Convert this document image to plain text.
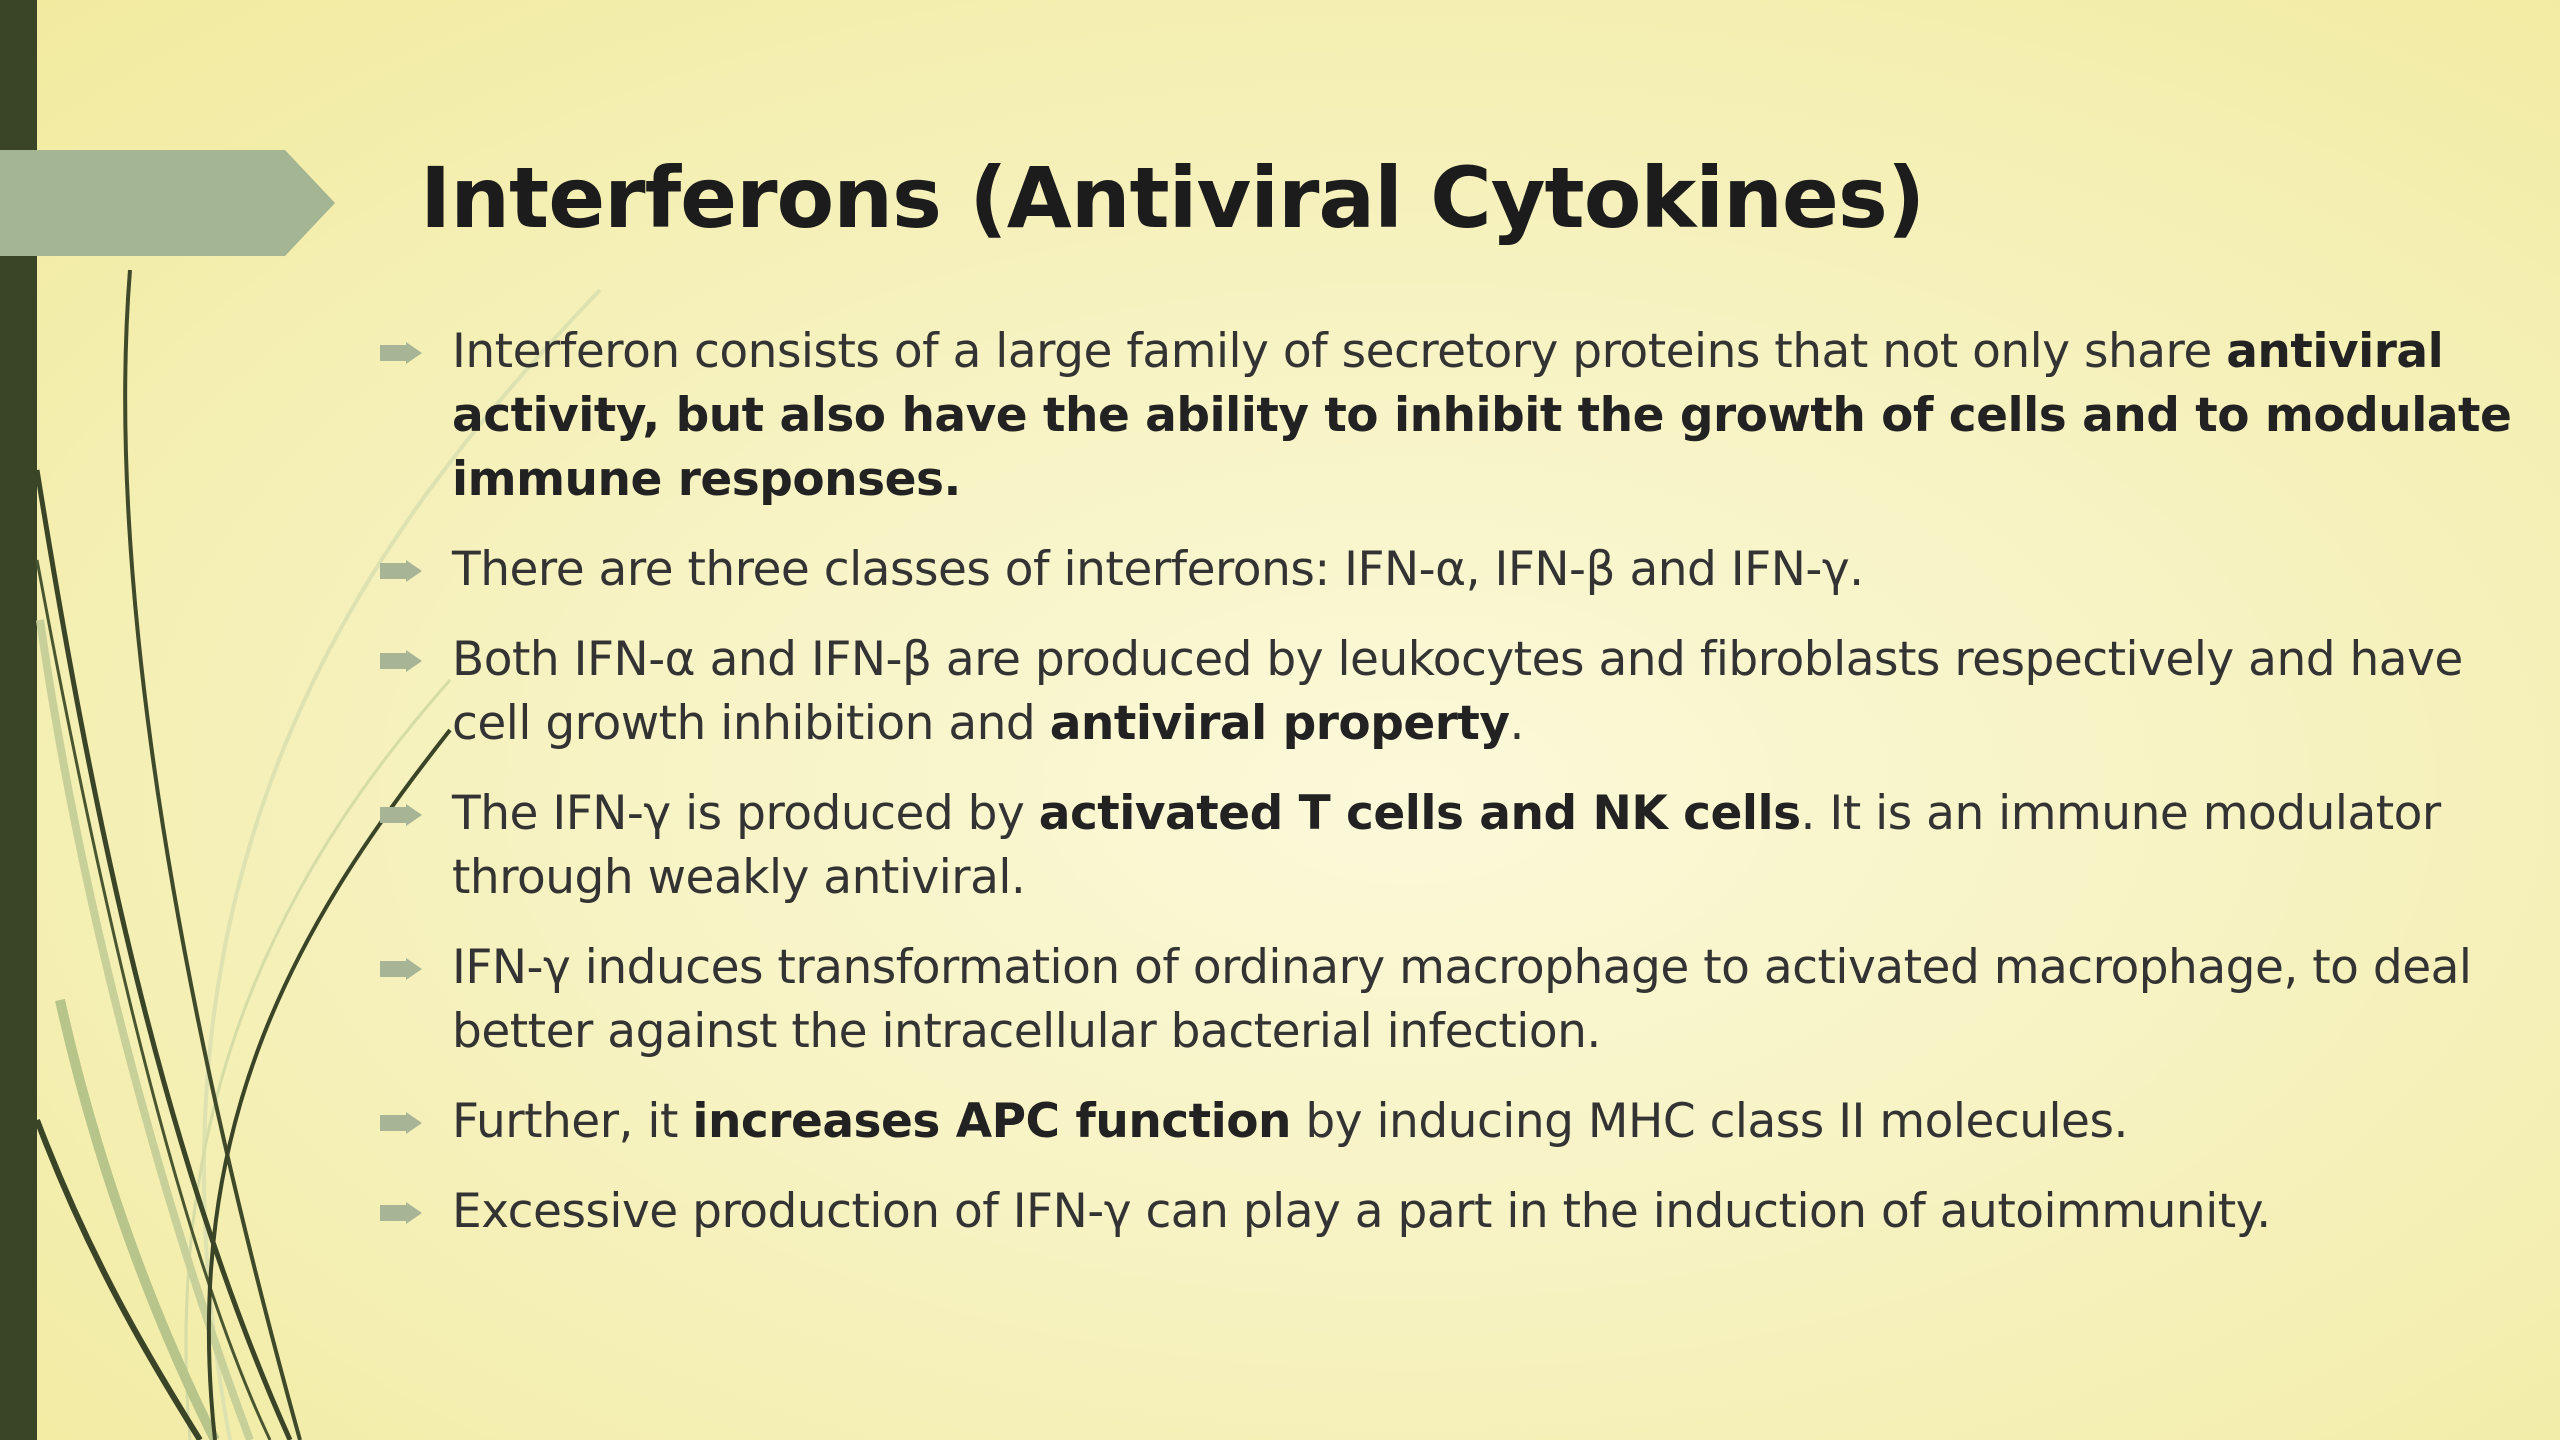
Interferons (Antiviral Cytokines)
Interferon consists of a large family of secretory proteins that not only share antiviral activity, but also have the ability to inhibit the growth of cells and to modulate immune responses.
There are three classes of interferons: IFN-α, IFN-β and IFN-γ.
Both IFN-α and IFN-β are produced by leukocytes and fibroblasts respectively and have cell growth inhibition and antiviral property.
The IFN-γ is produced by activated T cells and NK cells. It is an immune modulator through weakly antiviral.
IFN-γ induces transformation of ordinary macrophage to activated macrophage, to deal better against the intracellular bacterial infection.
Further, it increases APC function by inducing MHC class II molecules.
Excessive production of IFN-γ can play a part in the induction of autoimmunity.
